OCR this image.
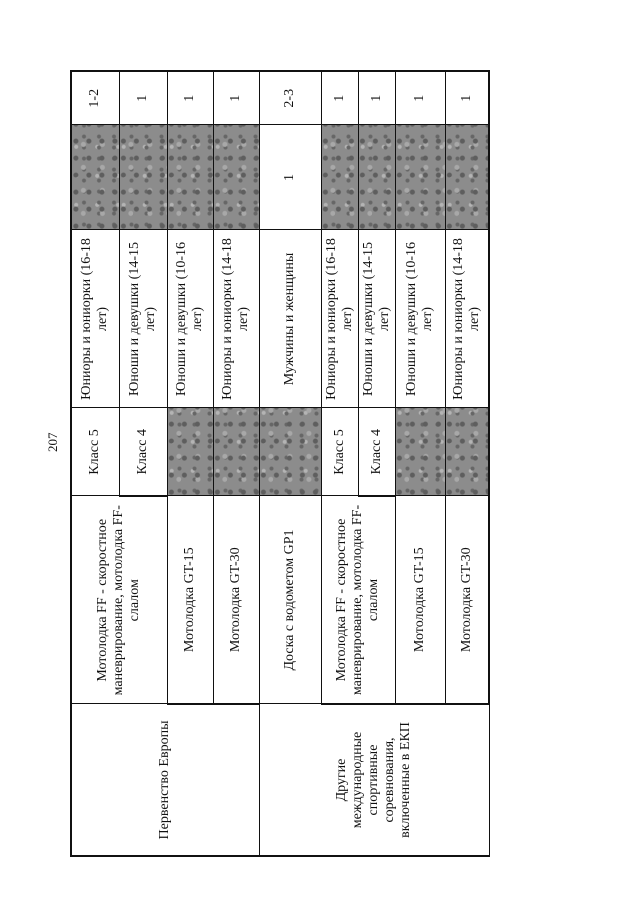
207
Первенство Европы	Мотолодка FF - скоростное маневрирование, мотолодка FF-слалом	Класс 5	Юниоры и юниорки (16-18 лет)		1-2
		Класс 4	Юноши и девушки (14-15 лет)		1
	Мотолодка GT-15		Юноши и девушки (10-16 лет)		1
	Мотолодка GT-30		Юниоры и юниорки (14-18 лет)		1
Другие международные спортивные соревнования, включенные в ЕКП	Доска с водометом GP1		Мужчины и женщины	1	2-3
	Мотолодка FF - скоростное маневрирование, мотолодка FF-слалом	Класс 5	Юниоры и юниорки (16-18 лет)		1
		Класс 4	Юноши и девушки (14-15 лет)		1
	Мотолодка GT-15		Юноши и девушки (10-16 лет)		1
	Мотолодка GT-30		Юниоры и юниорки (14-18 лет)		1
